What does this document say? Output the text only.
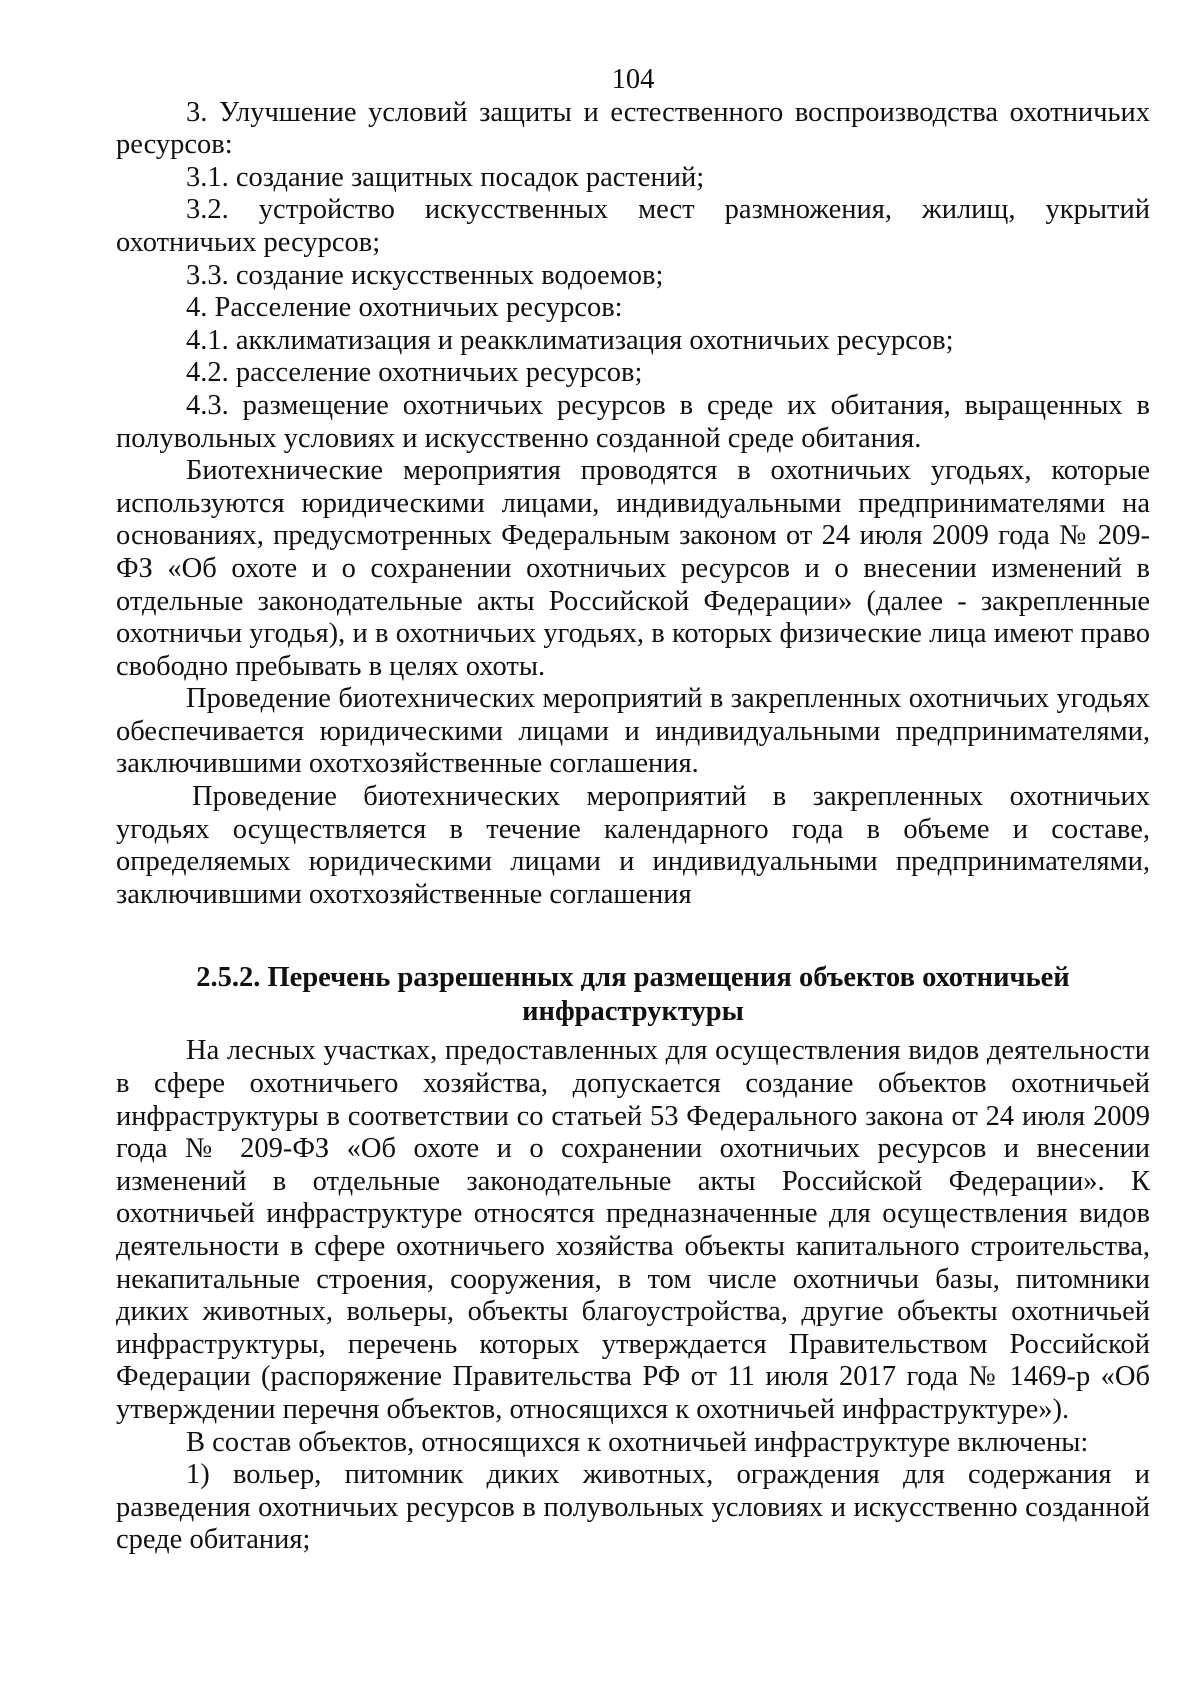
104

3. Улучшение условий защиты и естественного воспроизводства охотничьих ресурсов:

3.1. создание защитных посадок растений;

3.2. устройство искусственных мест размножения, жилищ, укрытий охотничьих ресурсов;

3.3. создание искусственных водоемов;

4. Расселение охотничьих ресурсов:

4.1. акклиматизация и реакклиматизация охотничьих ресурсов;

4.2. расселение охотничьих ресурсов;

4.3. размещение охотничьих ресурсов в среде их обитания, выращенных в полувольных условиях и искусственно созданной среде обитания.

Биотехнические мероприятия проводятся в охотничьих угодьях, которые используются юридическими лицами, индивидуальными предпринимателями на основаниях, предусмотренных Федеральным законом от 24 июля 2009 года № 209-ФЗ «Об охоте и о сохранении охотничьих ресурсов и о внесении изменений в отдельные законодательные акты Российской Федерации» (далее - закрепленные охотничьи угодья), и в охотничьих угодьях, в которых физические лица имеют право свободно пребывать в целях охоты.

Проведение биотехнических мероприятий в закрепленных охотничьих угодьях обеспечивается юридическими лицами и индивидуальными предпринимателями, заключившими охотхозяйственные соглашения.

Проведение биотехнических мероприятий в закрепленных охотничьих угодьях осуществляется в течение календарного года в объеме и составе, определяемых юридическими лицами и индивидуальными предпринимателями, заключившими охотхозяйственные соглашения

2.5.2. Перечень разрешенных для размещения объектов охотничьей инфраструктуры

На лесных участках, предоставленных для осуществления видов деятельности в сфере охотничьего хозяйства, допускается создание объектов охотничьей инфраструктуры в соответствии со статьей 53 Федерального закона от 24 июля 2009 года № 209-ФЗ «Об охоте и о сохранении охотничьих ресурсов и внесении изменений в отдельные законодательные акты Российской Федерации». К охотничьей инфраструктуре относятся предназначенные для осуществления видов деятельности в сфере охотничьего хозяйства объекты капитального строительства, некапитальные строения, сооружения, в том числе охотничьи базы, питомники диких животных, вольеры, объекты благоустройства, другие объекты охотничьей инфраструктуры, перечень которых утверждается Правительством Российской Федерации (распоряжение Правительства РФ от 11 июля 2017 года № 1469-р «Об утверждении перечня объектов, относящихся к охотничьей инфраструктуре»).

В состав объектов, относящихся к охотничьей инфраструктуре включены:

1) вольер, питомник диких животных, ограждения для содержания и разведения охотничьих ресурсов в полувольных условиях и искусственно созданной среде обитания;
